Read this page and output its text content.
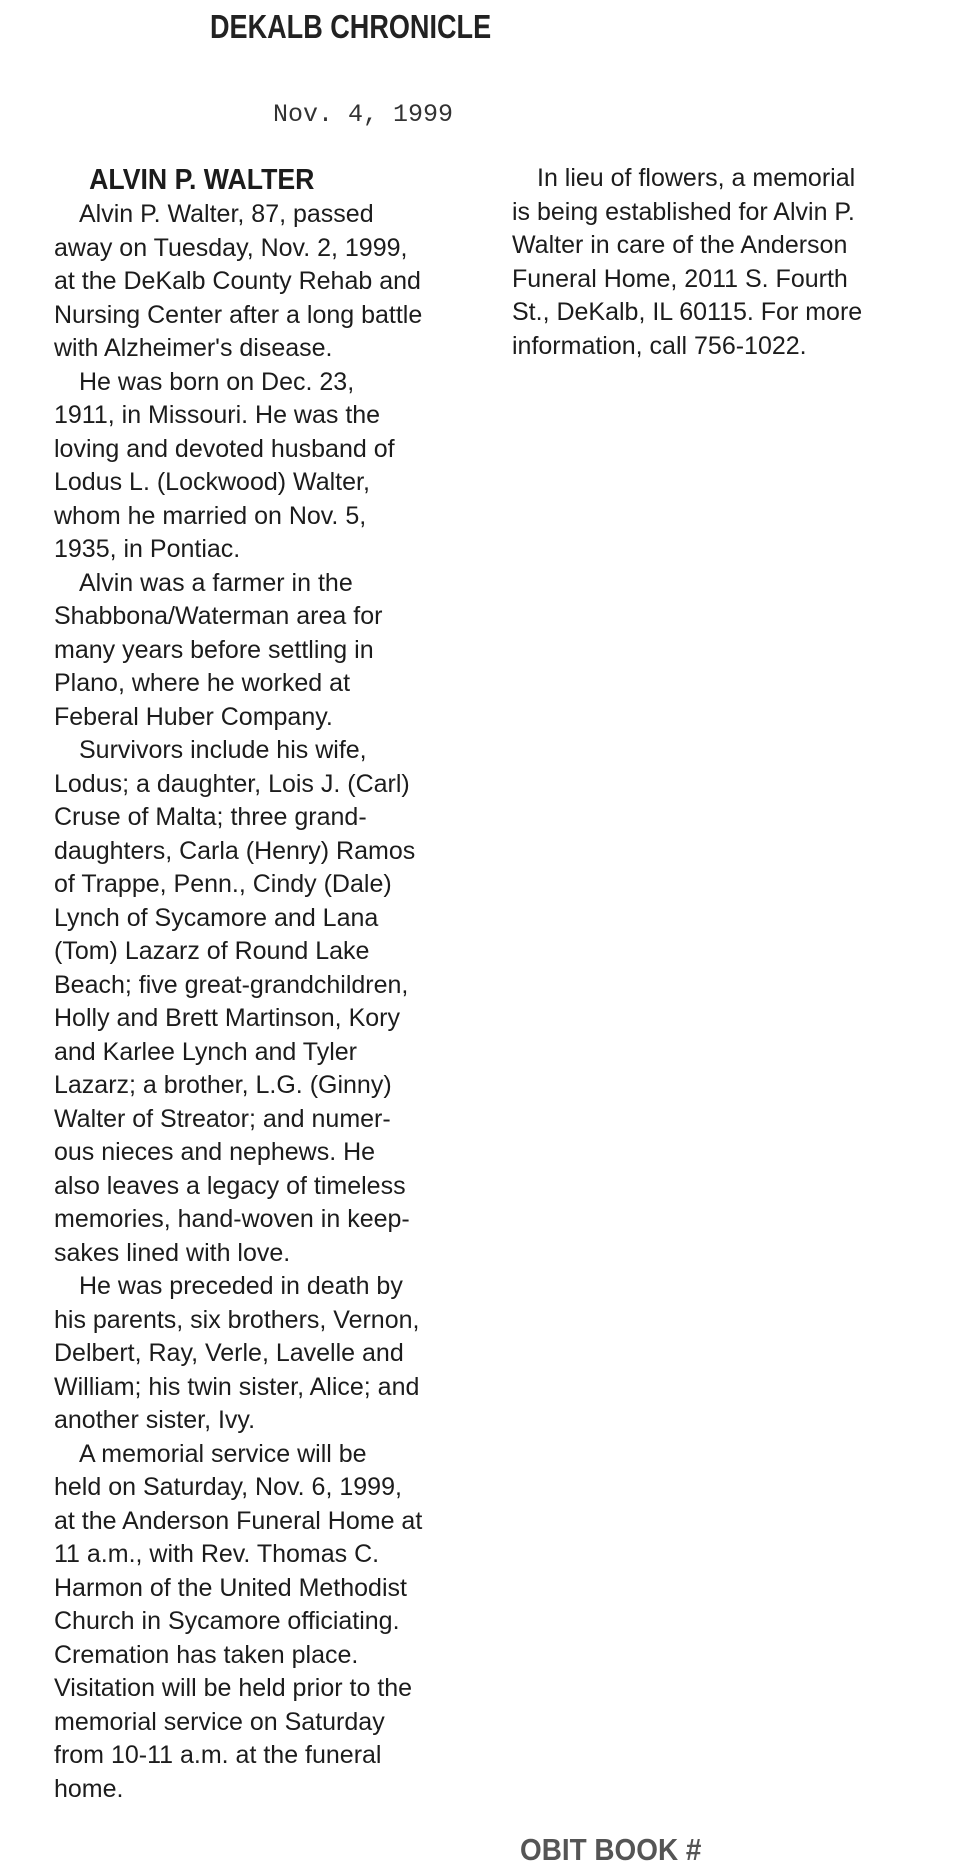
DEKALB CHRONICLE
Nov. 4, 1999
ALVIN P. WALTER

 Alvin P. Walter, 87, passed
away on Tuesday, Nov. 2, 1999,
at the DeKalb County Rehab and
Nursing Center after a long battle
with Alzheimer's disease.

 He was born on Dec. 23,
1911, in Missouri. He was the
loving and devoted husband of
Lodus L. (Lockwood) Walter,
whom he married on Nov. 5,
1935, in Pontiac.

 Alvin was a farmer in the
Shabbona/Waterman area for
many years before settling in
Plano, where he worked at
Feberal Huber Company.

 Survivors include his wife,
Lodus; a daughter, Lois J. (Carl)
Cruse of Malta; three grand-
daughters, Carla (Henry) Ramos
of Trappe, Penn., Cindy (Dale)
Lynch of Sycamore and Lana
(Tom) Lazarz of Round Lake
Beach; five great-grandchildren,
Holly and Brett Martinson, Kory
and Karlee Lynch and Tyler
Lazarz; a brother, L.G. (Ginny)
Walter of Streator; and numer-
ous nieces and nephews. He
also leaves a legacy of timeless
memories, hand-woven in keep-
sakes lined with love.

 He was preceded in death by
his parents, six brothers, Vernon,
Delbert, Ray, Verle, Lavelle and
William; his twin sister, Alice; and
another sister, Ivy.

 A memorial service will be
held on Saturday, Nov. 6, 1999,
at the Anderson Funeral Home at
11 a.m., with Rev. Thomas C.
Harmon of the United Methodist
Church in Sycamore officiating.
Cremation has taken place.
Visitation will be held prior to the
memorial service on Saturday
from 10-11 a.m. at the funeral
home.

 In lieu of flowers, a memorial
is being established for Alvin P.
Walter in care of the Anderson
Funeral Home, 2011 S. Fourth
St., DeKalb, IL 60115. For more
information, call 756-1022.

OBIT BOOK #
